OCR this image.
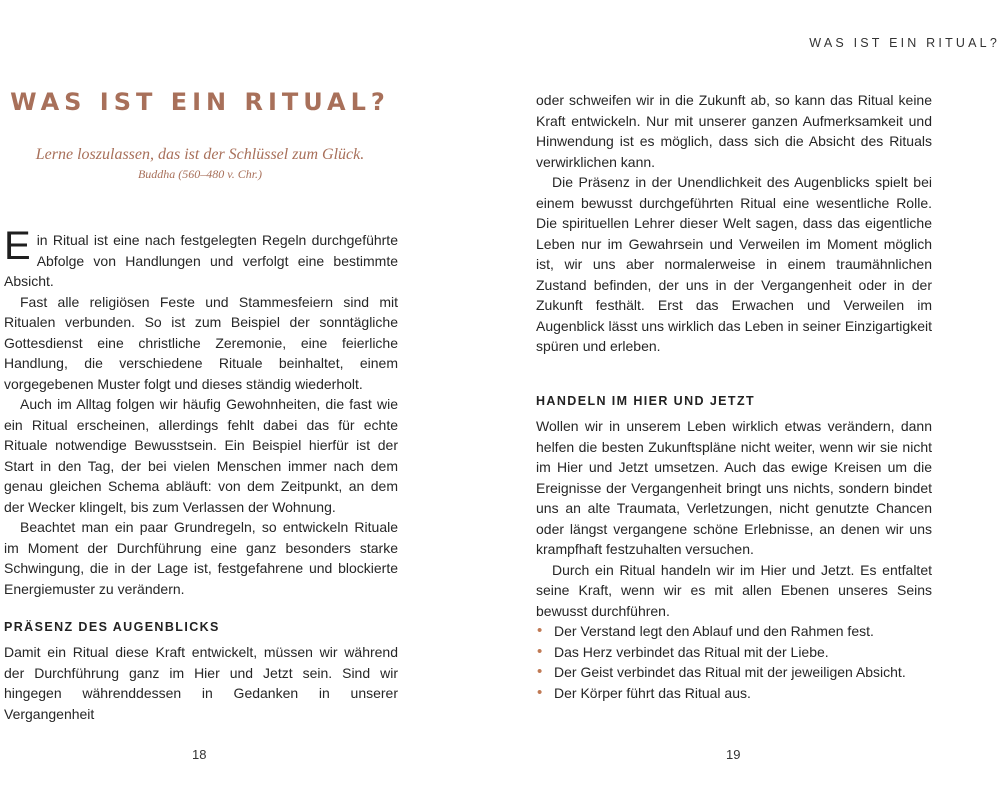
WAS IST EIN RITUAL?
Lerne loszulassen, das ist der Schlüssel zum Glück.
Buddha (560–480 v. Chr.)

Ein Ritual ist eine nach festgelegten Regeln durchgeführte Abfolge von Handlungen und verfolgt eine bestimmte Absicht.

Fast alle religiösen Feste und Stammesfeiern sind mit Ritualen verbunden. So ist zum Beispiel der sonntägliche Gottesdienst eine christliche Zeremonie, eine feierliche Handlung, die verschiedene Rituale beinhaltet, einem vorgegebenen Muster folgt und dieses ständig wiederholt.

Auch im Alltag folgen wir häufig Gewohnheiten, die fast wie ein Ritual erscheinen, allerdings fehlt dabei das für echte Rituale notwendige Bewusstsein. Ein Beispiel hierfür ist der Start in den Tag, der bei vielen Menschen immer nach dem genau gleichen Schema abläuft: von dem Zeitpunkt, an dem der Wecker klingelt, bis zum Verlassen der Wohnung.

Beachtet man ein paar Grundregeln, so entwickeln Rituale im Moment der Durchführung eine ganz besonders starke Schwingung, die in der Lage ist, festgefahrene und blockierte Energiemuster zu verändern.

PRÄSENZ DES AUGENBLICKS

Damit ein Ritual diese Kraft entwickelt, müssen wir während der Durchführung ganz im Hier und Jetzt sein. Sind wir hingegen währenddessen in Gedanken in unserer Vergangenheit

18
WAS IST EIN RITUAL?

oder schweifen wir in die Zukunft ab, so kann das Ritual keine Kraft entwickeln. Nur mit unserer ganzen Aufmerksamkeit und Hinwendung ist es möglich, dass sich die Absicht des Rituals verwirklichen kann.

Die Präsenz in der Unendlichkeit des Augenblicks spielt bei einem bewusst durchgeführten Ritual eine wesentliche Rolle. Die spirituellen Lehrer dieser Welt sagen, dass das eigentliche Leben nur im Gewahrsein und Verweilen im Moment möglich ist, wir uns aber normalerweise in einem traumähnlichen Zustand befinden, der uns in der Vergangenheit oder in der Zukunft festhält. Erst das Erwachen und Verweilen im Augenblick lässt uns wirklich das Leben in seiner Einzigartigkeit spüren und erleben.

HANDELN IM HIER UND JETZT

Wollen wir in unserem Leben wirklich etwas verändern, dann helfen die besten Zukunftspläne nicht weiter, wenn wir sie nicht im Hier und Jetzt umsetzen. Auch das ewige Kreisen um die Ereignisse der Vergangenheit bringt uns nichts, sondern bindet uns an alte Traumata, Verletzungen, nicht genutzte Chancen oder längst vergangene schöne Erlebnisse, an denen wir uns krampfhaft festzuhalten versuchen.

Durch ein Ritual handeln wir im Hier und Jetzt. Es entfaltet seine Kraft, wenn wir es mit allen Ebenen unseres Seins bewusst durchführen.

• Der Verstand legt den Ablauf und den Rahmen fest.
• Das Herz verbindet das Ritual mit der Liebe.
• Der Geist verbindet das Ritual mit der jeweiligen Absicht.
• Der Körper führt das Ritual aus.
19
